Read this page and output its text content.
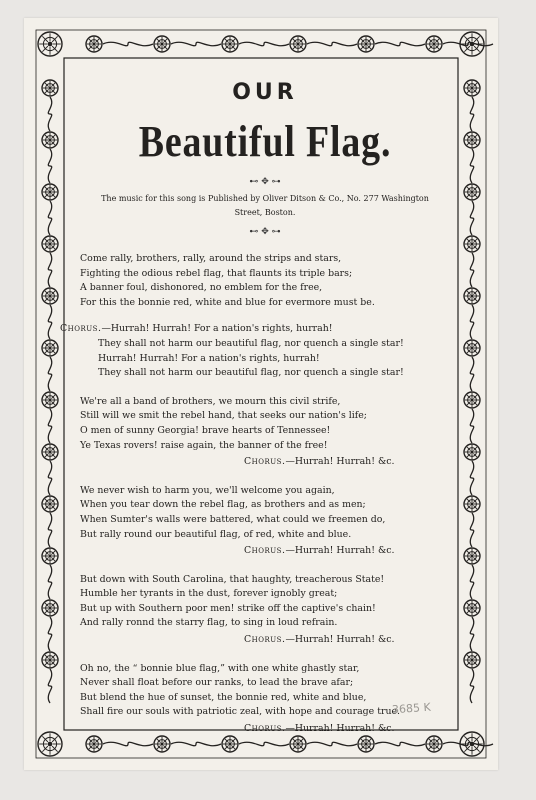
OUR

Beautiful Flag.

⊷ ✥ ⊶

The music for this song is Published by Oliver Ditson & Co., No. 277 Washington Street, Boston.

⊷ ✥ ⊶

Come rally, brothers, rally, around the strips and stars,

Fighting the odious rebel flag, that flaunts its triple bars;

A banner foul, dishonored, no emblem for the free,

For this the bonnie red, white and blue for evermore must be.

Chorus.—Hurrah! Hurrah! For a nation's rights, hurrah!

They shall not harm our beautiful flag, nor quench a single star!

Hurrah! Hurrah! For a nation's rights, hurrah!

They shall not harm our beautiful flag, nor quench a single star!

We're all a band of brothers, we mourn this civil strife,

Still will we smit the rebel hand, that seeks our nation's life;

O men of sunny Georgia! brave hearts of Tennessee!

Ye Texas rovers! raise again, the banner of the free!

Chorus.—Hurrah! Hurrah! &c.

We never wish to harm you, we'll welcome you again,

When you tear down the rebel flag, as brothers and as men;

When Sumter's walls were battered, what could we freemen do,

But rally round our beautiful flag, of red, white and blue.

Chorus.—Hurrah! Hurrah! &c.

But down with South Carolina, that haughty, treacherous State!

Humble her tyrants in the dust, forever ignobly great;

But up with Southern poor men! strike off the captive's chain!

And rally ronnd the starry flag, to sing in loud refrain.

Chorus.—Hurrah! Hurrah! &c.

Oh no, the “ bonnie blue flag,” with one white ghastly star,

Never shall float before our ranks, to lead the brave afar;

But blend the hue of sunset, the bonnie red, white and blue,

Shall fire our souls with patriotic zeal, with hope and courage true.

Chorus.—Hurrah! Hurrah! &c.

3685 K
